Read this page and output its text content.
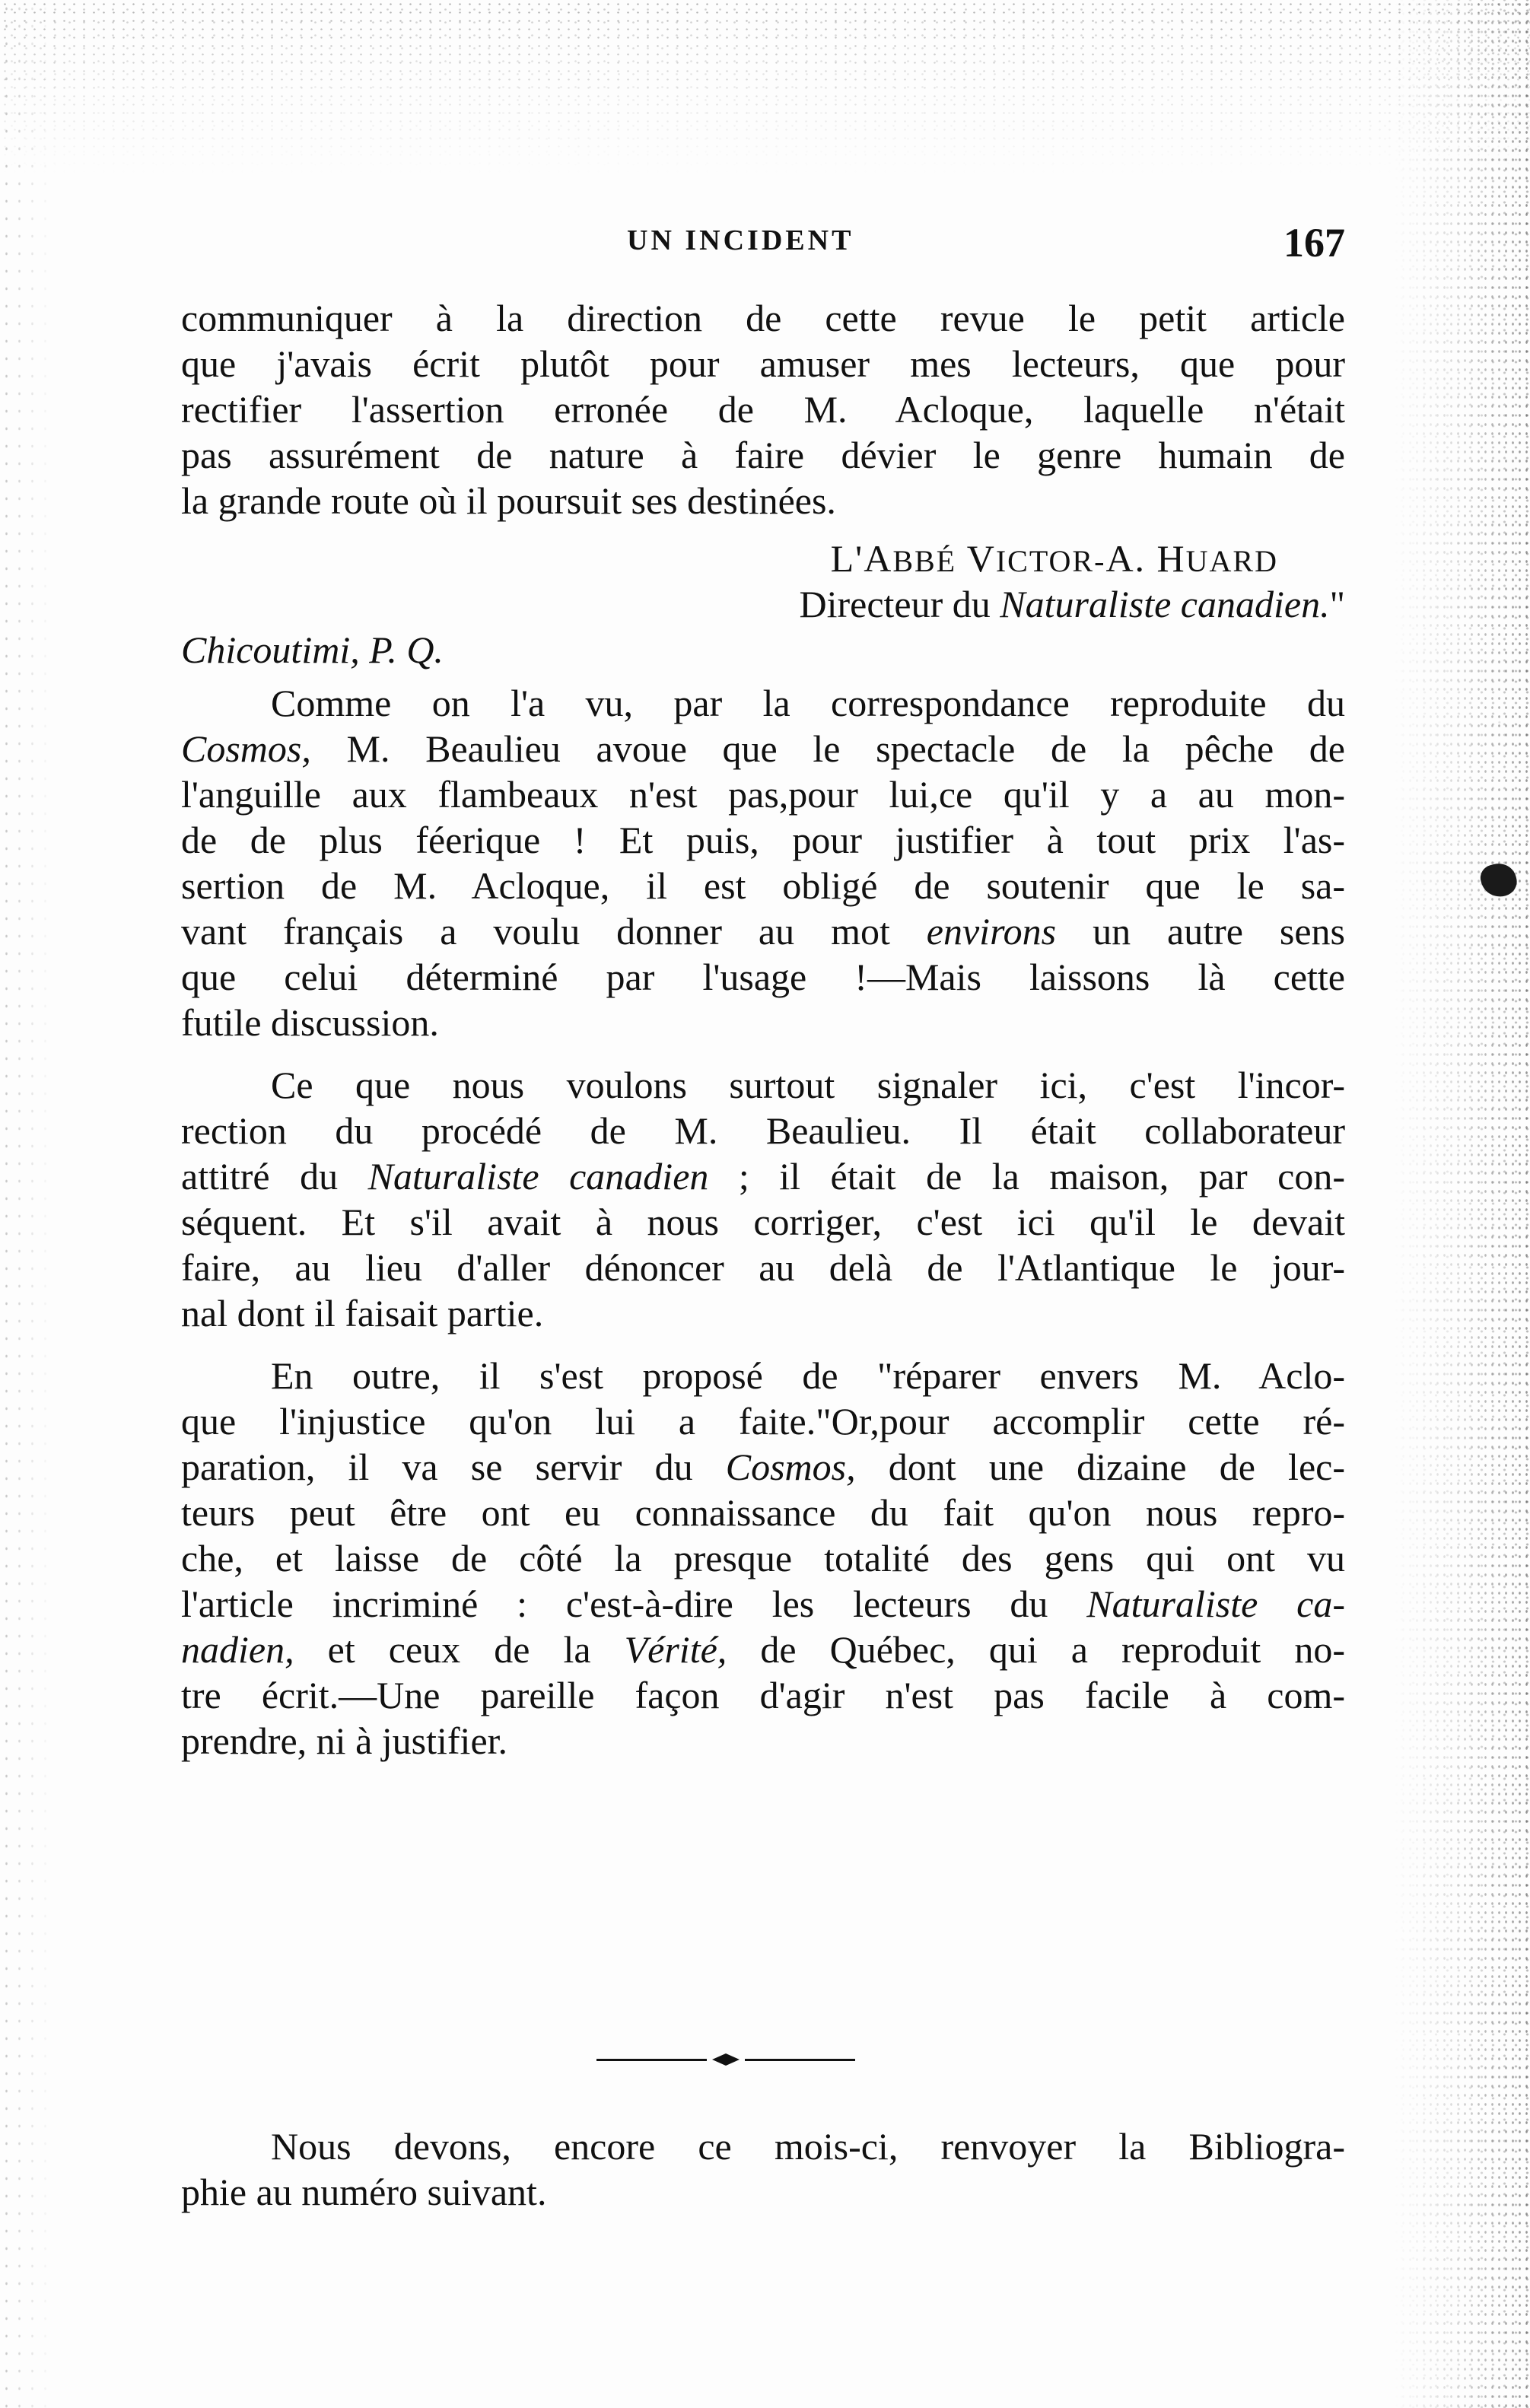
UN INCIDENT	167
communiquer à la direction de cette revue le petit article
que j'avais écrit plutôt pour amuser mes lecteurs, que pour
rectifier l'assertion erronée de M. Acloque, laquelle n'était
pas assurément de nature à faire dévier le genre humain de
la grande route où il poursuit ses destinées.
L'ABBÉ VICTOR-A. HUARD
Directeur du Naturaliste canadien."
Chicoutimi, P. Q.
Comme on l'a vu, par la correspondance reproduite du
Cosmos, M. Beaulieu avoue que le spectacle de la pêche de
l'anguille aux flambeaux n'est pas,pour lui,ce qu'il y a au mon-
de de plus féerique ! Et puis, pour justifier à tout prix l'as-
sertion de M. Acloque, il est obligé de soutenir que le sa-
vant français a voulu donner au mot environs un autre sens
que celui déterminé par l'usage !—Mais laissons là cette
futile discussion.
Ce que nous voulons surtout signaler ici, c'est l'incor-
rection du procédé de M. Beaulieu. Il était collaborateur
attitré du Naturaliste canadien ; il était de la maison, par con-
séquent. Et s'il avait à nous corriger, c'est ici qu'il le devait
faire, au lieu d'aller dénoncer au delà de l'Atlantique le jour-
nal dont il faisait partie.
En outre, il s'est proposé de "réparer envers M. Aclo-
que l'injustice qu'on lui a faite."Or,pour accomplir cette ré-
paration, il va se servir du Cosmos, dont une dizaine de lec-
teurs peut être ont eu connaissance du fait qu'on nous repro-
che, et laisse de côté la presque totalité des gens qui ont vu
l'article incriminé : c'est-à-dire les lecteurs du Naturaliste ca-
nadien, et ceux de la Vérité, de Québec, qui a reproduit no-
tre écrit.—Une pareille façon d'agir n'est pas facile à com-
prendre, ni à justifier.
Nous devons, encore ce mois-ci, renvoyer la Bibliogra-
phie au numéro suivant.
